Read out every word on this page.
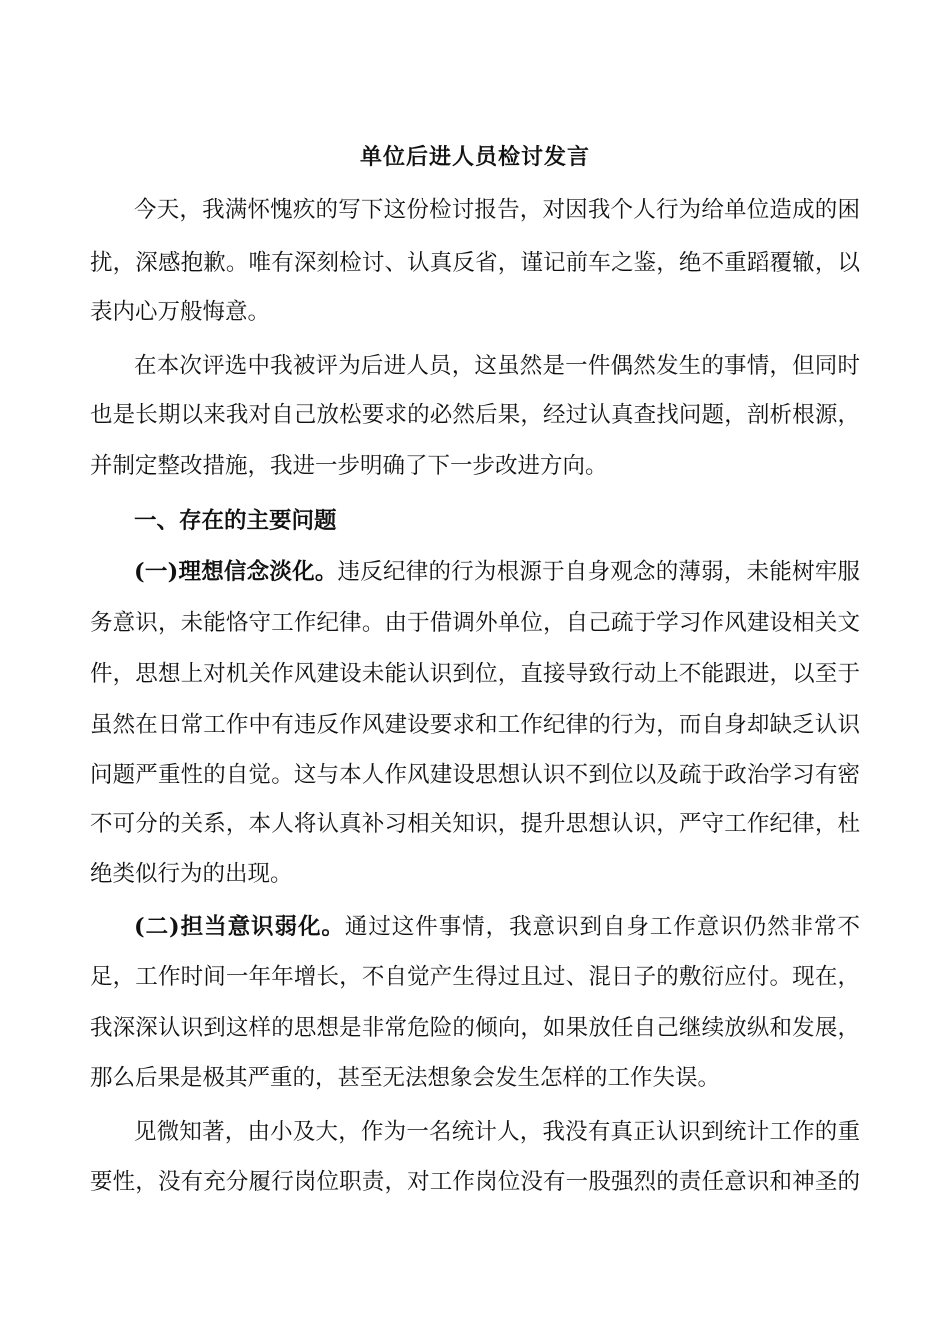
单位后进人员检讨发言
今天，我满怀愧疚的写下这份检讨报告，对因我个人行为给单位造成的困
扰，深感抱歉。唯有深刻检讨、认真反省，谨记前车之鉴，绝不重蹈覆辙，以
表内心万般悔意。
在本次评选中我被评为后进人员，这虽然是一件偶然发生的事情，但同时
也是长期以来我对自己放松要求的必然后果，经过认真查找问题，剖析根源，
并制定整改措施，我进一步明确了下一步改进方向。
一、存在的主要问题
(一)理想信念淡化。违反纪律的行为根源于自身观念的薄弱，未能树牢服
务意识，未能恪守工作纪律。由于借调外单位，自己疏于学习作风建设相关文
件，思想上对机关作风建设未能认识到位，直接导致行动上不能跟进，以至于
虽然在日常工作中有违反作风建设要求和工作纪律的行为，而自身却缺乏认识
问题严重性的自觉。这与本人作风建设思想认识不到位以及疏于政治学习有密
不可分的关系，本人将认真补习相关知识，提升思想认识，严守工作纪律，杜
绝类似行为的出现。
(二)担当意识弱化。通过这件事情，我意识到自身工作意识仍然非常不
足，工作时间一年年增长，不自觉产生得过且过、混日子的敷衍应付。现在，
我深深认识到这样的思想是非常危险的倾向，如果放任自己继续放纵和发展，
那么后果是极其严重的，甚至无法想象会发生怎样的工作失误。
见微知著，由小及大，作为一名统计人，我没有真正认识到统计工作的重
要性，没有充分履行岗位职责，对工作岗位没有一股强烈的责任意识和神圣的
